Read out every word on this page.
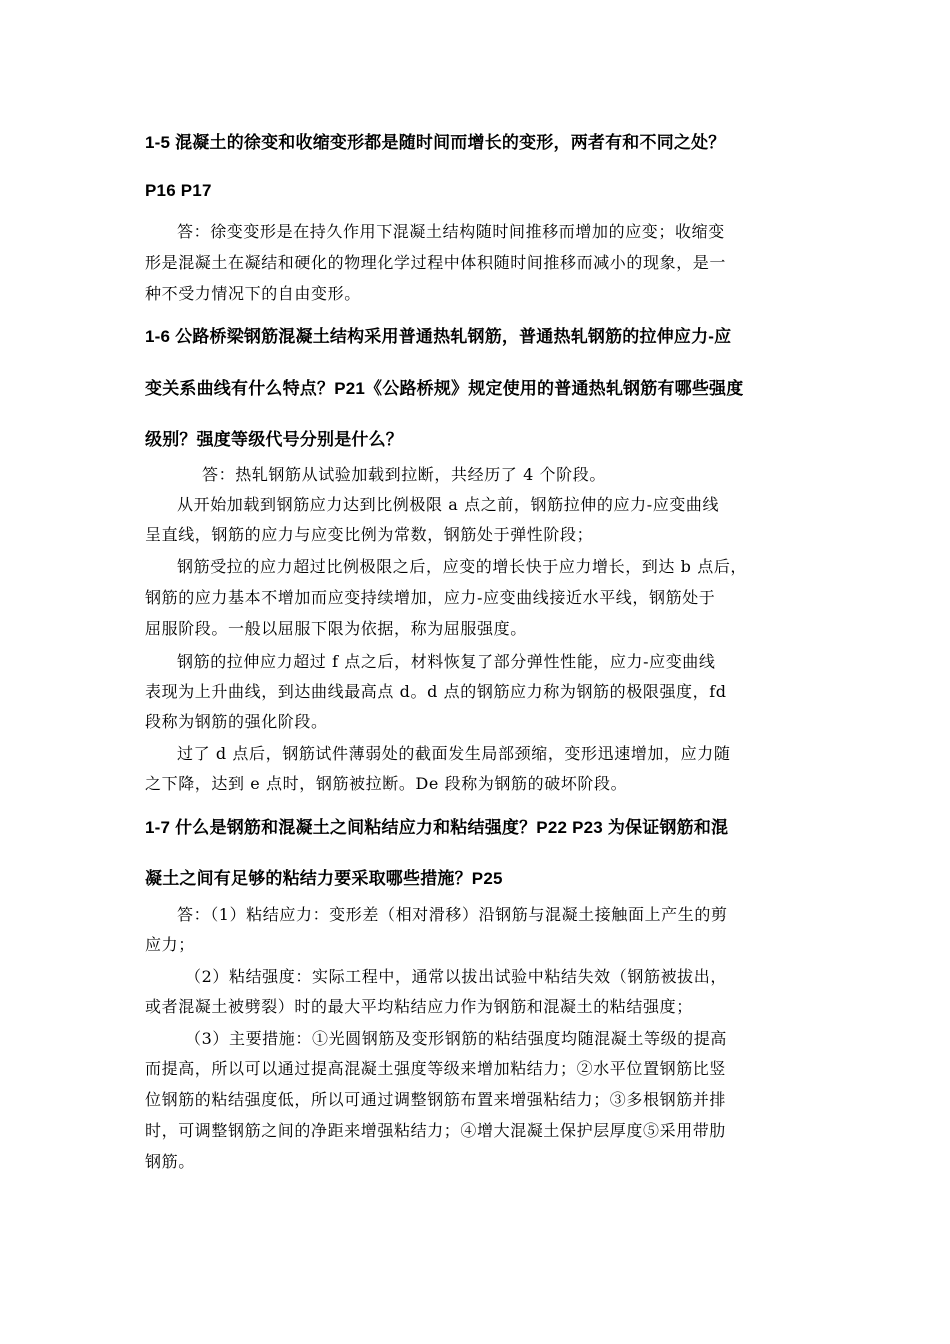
1-5 混凝土的徐变和收缩变形都是随时间而增长的变形，两者有和不同之处？

P16 P17

答：徐变变形是在持久作用下混凝土结构随时间推移而增加的应变；收缩变

形是混凝土在凝结和硬化的物理化学过程中体积随时间推移而减小的现象，是一

种不受力情况下的自由变形。

1-6 公路桥梁钢筋混凝土结构采用普通热轧钢筋，普通热轧钢筋的拉伸应力-应

变关系曲线有什么特点？P21《公路桥规》规定使用的普通热轧钢筋有哪些强度

级别？强度等级代号分别是什么？

答：热轧钢筋从试验加载到拉断，共经历了 4 个阶段。

从开始加载到钢筋应力达到比例极限 a 点之前，钢筋拉伸的应力-应变曲线

呈直线，钢筋的应力与应变比例为常数，钢筋处于弹性阶段；

钢筋受拉的应力超过比例极限之后，应变的增长快于应力增长，到达 b 点后，

钢筋的应力基本不增加而应变持续增加，应力-应变曲线接近水平线，钢筋处于

屈服阶段。一般以屈服下限为依据，称为屈服强度。

钢筋的拉伸应力超过 f 点之后，材料恢复了部分弹性性能，应力-应变曲线

表现为上升曲线，到达曲线最高点 d。d 点的钢筋应力称为钢筋的极限强度，fd

段称为钢筋的强化阶段。

过了 d 点后，钢筋试件薄弱处的截面发生局部颈缩，变形迅速增加，应力随

之下降，达到 e 点时，钢筋被拉断。De 段称为钢筋的破坏阶段。

1-7 什么是钢筋和混凝土之间粘结应力和粘结强度？P22 P23 为保证钢筋和混

凝土之间有足够的粘结力要采取哪些措施？P25

答：（1）粘结应力：变形差（相对滑移）沿钢筋与混凝土接触面上产生的剪

应力；

（2）粘结强度：实际工程中，通常以拔出试验中粘结失效（钢筋被拔出，

或者混凝土被劈裂）时的最大平均粘结应力作为钢筋和混凝土的粘结强度；

（3）主要措施：①光圆钢筋及变形钢筋的粘结强度均随混凝土等级的提高

而提高，所以可以通过提高混凝土强度等级来增加粘结力；②水平位置钢筋比竖

位钢筋的粘结强度低，所以可通过调整钢筋布置来增强粘结力；③多根钢筋并排

时，可调整钢筋之间的净距来增强粘结力；④增大混凝土保护层厚度⑤采用带肋

钢筋。
